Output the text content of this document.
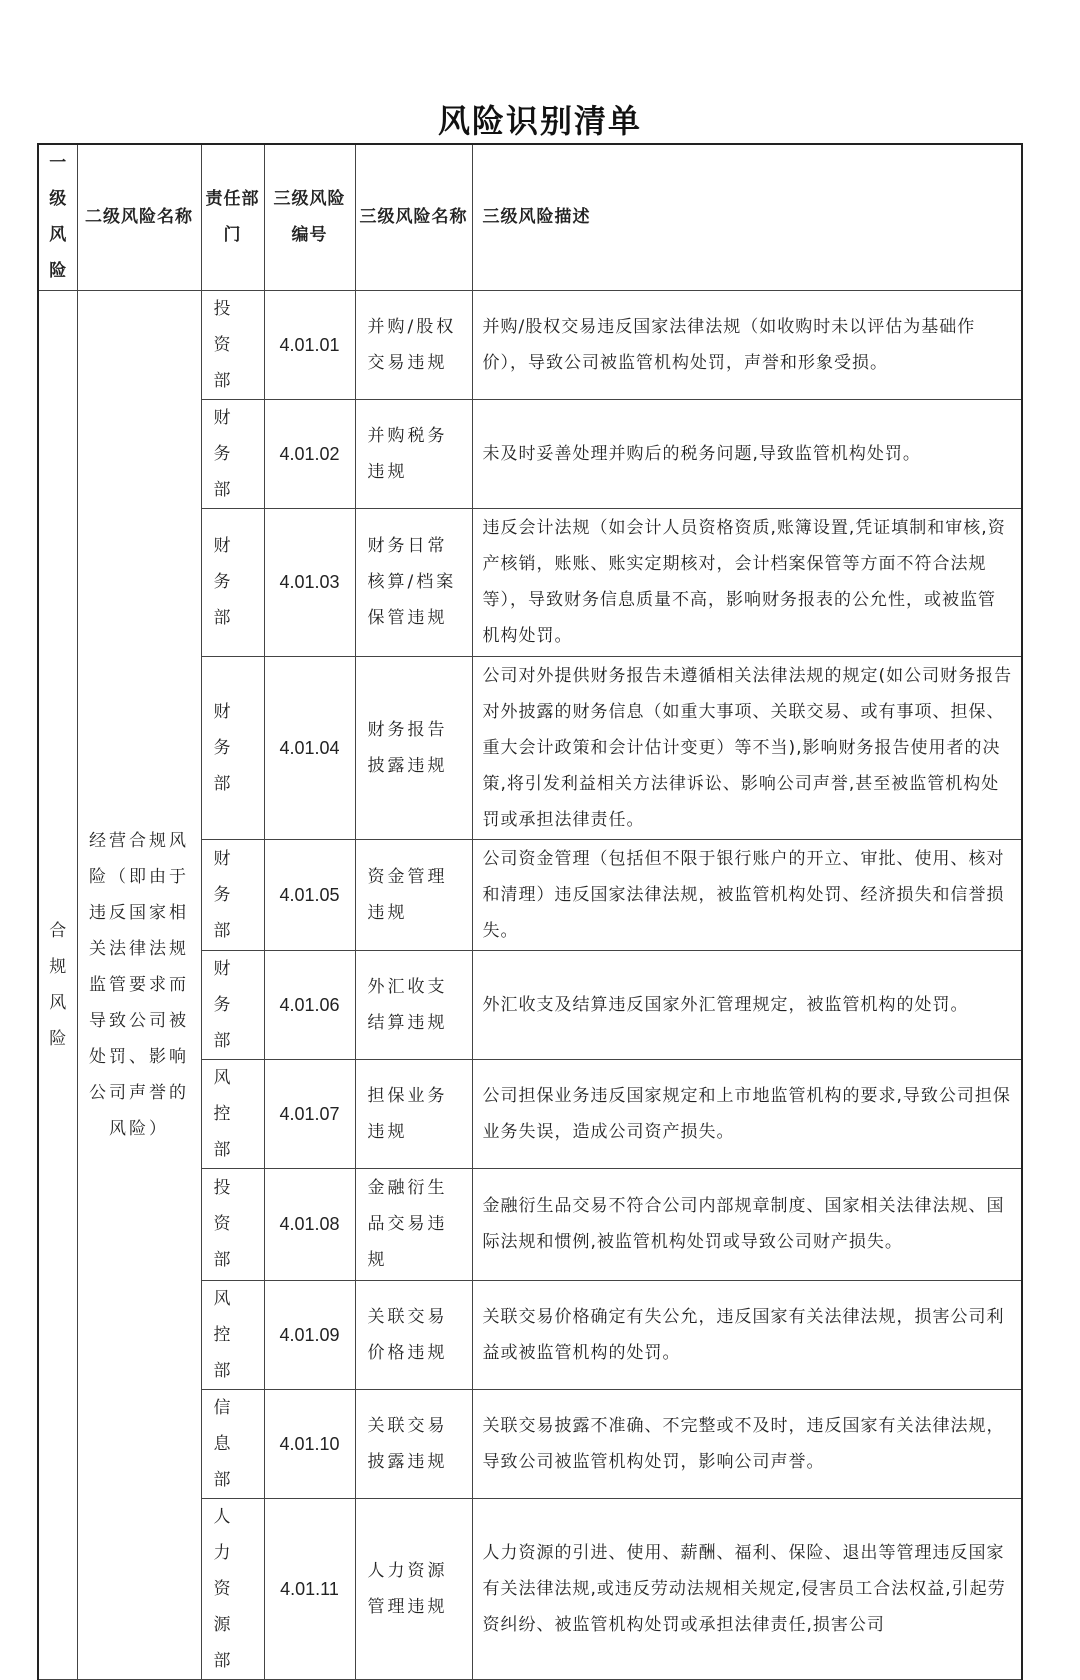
风险识别清单
一级风险	二级风险名称	责任部门	三级风险编号	三级风险名称	三级风险描述

合规风险	经营合规风险（即由于违反国家相关法律法规监管要求而导致公司被处罚、影响公司声誉的风险）	投资部	4.01.01	并购/股权交易违规	并购/股权交易违反国家法律法规（如收购时未以评估为基础作价），导致公司被监管机构处罚，声誉和形象受损。
		财务部	4.01.02	并购税务违规	未及时妥善处理并购后的税务问题,导致监管机构处罚。
		财务部	4.01.03	财务日常核算/档案保管违规	违反会计法规（如会计人员资格资质,账簿设置,凭证填制和审核,资产核销，账账、账实定期核对，会计档案保管等方面不符合法规等），导致财务信息质量不高，影响财务报表的公允性，或被监管机构处罚。
		财务部	4.01.04	财务报告披露违规	公司对外提供财务报告未遵循相关法律法规的规定(如公司财务报告对外披露的财务信息（如重大事项、关联交易、或有事项、担保、重大会计政策和会计估计变更）等不当),影响财务报告使用者的决策,将引发利益相关方法律诉讼、影响公司声誉,甚至被监管机构处罚或承担法律责任。
		财务部	4.01.05	资金管理违规	公司资金管理（包括但不限于银行账户的开立、审批、使用、核对和清理）违反国家法律法规，被监管机构处罚、经济损失和信誉损失。
		财务部	4.01.06	外汇收支结算违规	外汇收支及结算违反国家外汇管理规定，被监管机构的处罚。
		风控部	4.01.07	担保业务违规	公司担保业务违反国家规定和上市地监管机构的要求,导致公司担保业务失误，造成公司资产损失。
		投资部	4.01.08	金融衍生品交易违规	金融衍生品交易不符合公司内部规章制度、国家相关法律法规、国际法规和惯例,被监管机构处罚或导致公司财产损失。
		风控部	4.01.09	关联交易价格违规	关联交易价格确定有失公允，违反国家有关法律法规，损害公司利益或被监管机构的处罚。
		信息部	4.01.10	关联交易披露违规	关联交易披露不准确、不完整或不及时，违反国家有关法律法规，导致公司被监管机构处罚，影响公司声誉。
		人力资源部	4.01.11	人力资源管理违规	人力资源的引进、使用、薪酬、福利、保险、退出等管理违反国家有关法律法规,或违反劳动法规相关规定,侵害员工合法权益,引起劳资纠纷、被监管机构处罚或承担法律责任,损害公司
